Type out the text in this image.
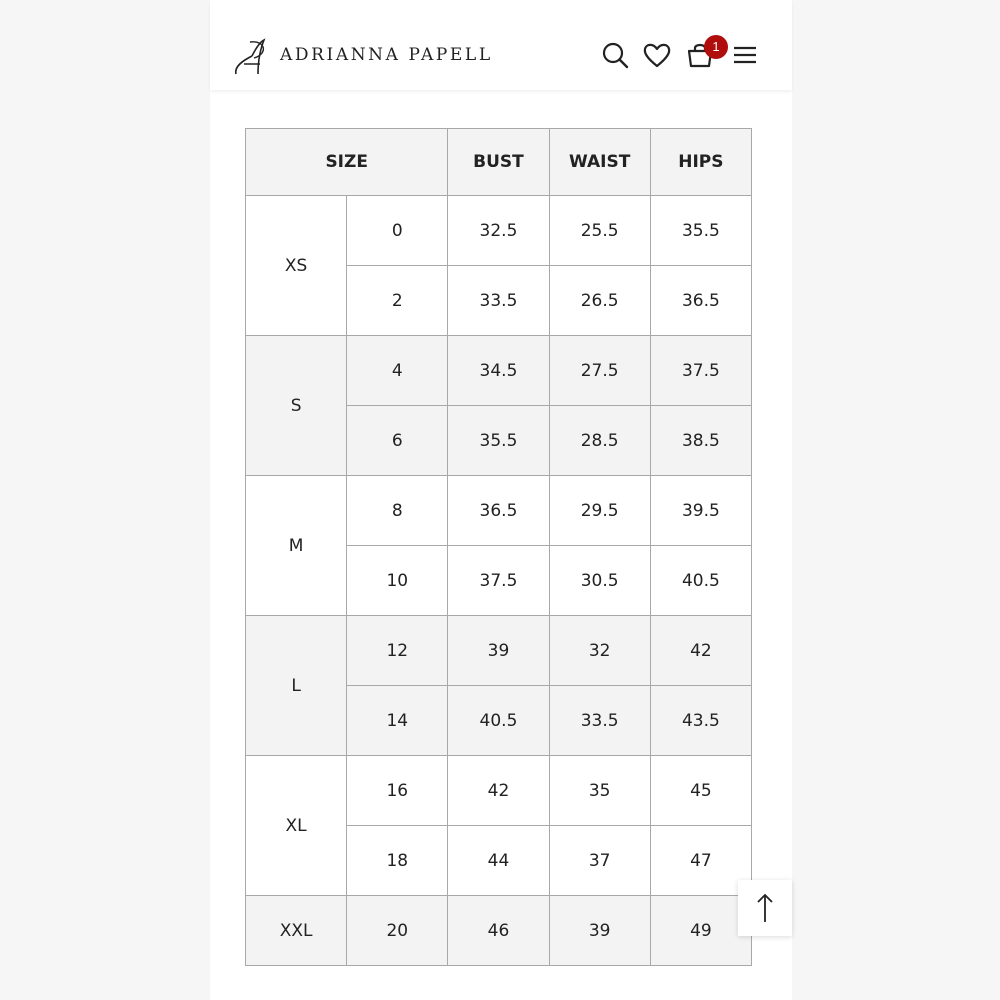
ADRIANNA PAPELL	1
SIZE		BUST	WAIST	HIPS
XS	0	32.5	25.5	35.5
	2	33.5	26.5	36.5
S	4	34.5	27.5	37.5
	6	35.5	28.5	38.5
M	8	36.5	29.5	39.5
	10	37.5	30.5	40.5
L	12	39	32	42
	14	40.5	33.5	43.5
XL	16	42	35	45
	18	44	37	47
XXL	20	46	39	49
